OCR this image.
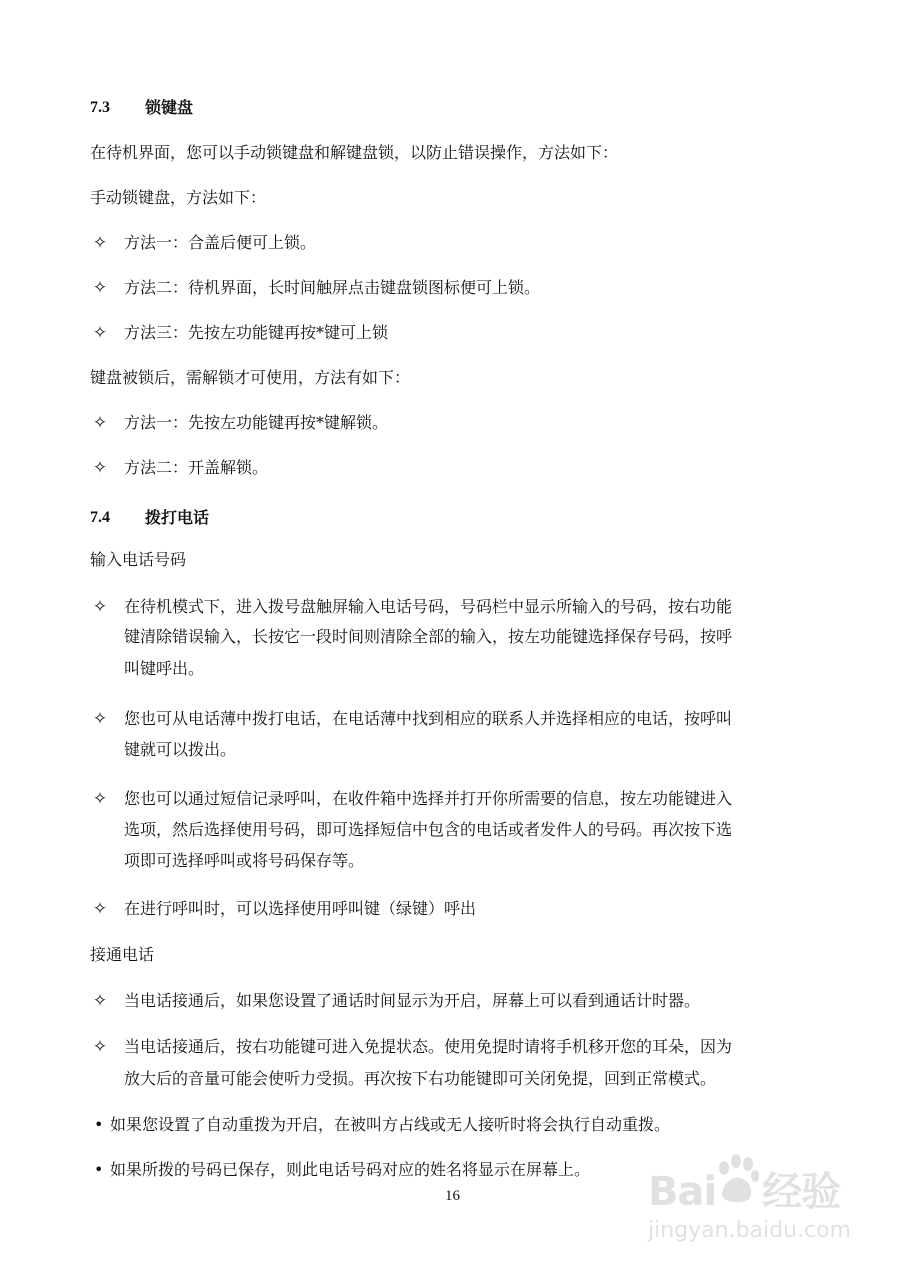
7.3 锁键盘
在待机界面，您可以手动锁键盘和解键盘锁，以防止错误操作，方法如下：
手动锁键盘，方法如下：
✧ 方法一：合盖后便可上锁。
✧ 方法二：待机界面，长时间触屏点击键盘锁图标便可上锁。
✧ 方法三：先按左功能键再按*键可上锁
键盘被锁后，需解锁才可使用，方法有如下：
✧ 方法一：先按左功能键再按*键解锁。
✧ 方法二：开盖解锁。
7.4 拨打电话
输入电话号码
✧ 在待机模式下，进入拨号盘触屏输入电话号码，号码栏中显示所输入的号码，按右功能
键清除错误输入，长按它一段时间则清除全部的输入，按左功能键选择保存号码，按呼
叫键呼出。
✧ 您也可从电话薄中拨打电话，在电话薄中找到相应的联系人并选择相应的电话，按呼叫
键就可以拨出。
✧ 您也可以通过短信记录呼叫，在收件箱中选择并打开你所需要的信息，按左功能键进入
选项，然后选择使用号码，即可选择短信中包含的电话或者发件人的号码。再次按下选
项即可选择呼叫或将号码保存等。
✧ 在进行呼叫时，可以选择使用呼叫键（绿键）呼出
接通电话
✧ 当电话接通后，如果您设置了通话时间显示为开启，屏幕上可以看到通话计时器。
✧ 当电话接通后，按右功能键可进入免提状态。使用免提时请将手机移开您的耳朵，因为
放大后的音量可能会使听力受损。再次按下右功能键即可关闭免提，回到正常模式。
• 如果您设置了自动重拨为开启，在被叫方占线或无人接听时将会执行自动重拨。
• 如果所拨的号码已保存，则此电话号码对应的姓名将显示在屏幕上。
16	Bai 经验
jingyan.baidu.com
